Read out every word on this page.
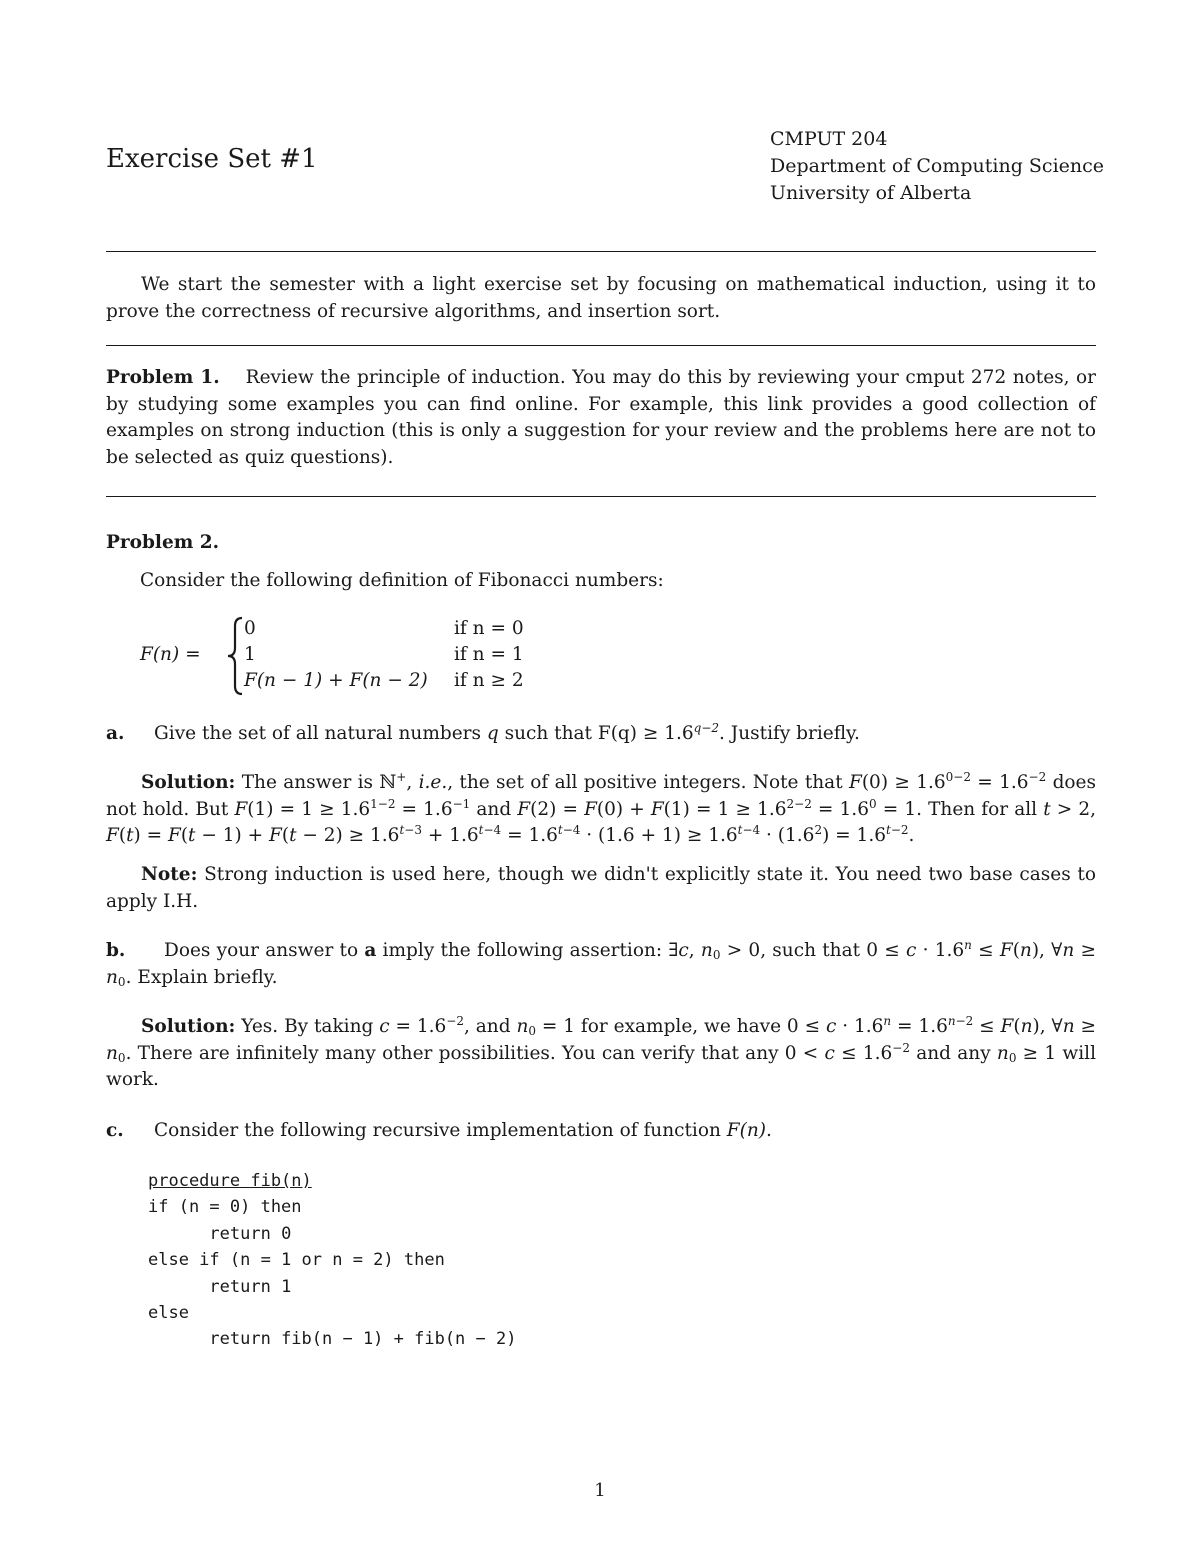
Exercise Set #1
CMPUT 204
Department of Computing Science
University of Alberta
We start the semester with a light exercise set by focusing on mathematical induction, using it to prove the correctness of recursive algorithms, and insertion sort.
Problem 1. Review the principle of induction. You may do this by reviewing your cmput 272 notes, or by studying some examples you can find online. For example, this link provides a good collection of examples on strong induction (this is only a suggestion for your review and the problems here are not to be selected as quiz questions).
Problem 2.
Consider the following definition of Fibonacci numbers:
F(n) =
0	if n = 0
1	if n = 1
F(n − 1) + F(n − 2) if n ≥ 2
a. Give the set of all natural numbers q such that $F(q) \ge 1.6^{q-2}$. Justify briefly.
Solution: The answer is ℕ+, i.e., the set of all positive integers. Note that $F(0) \ge 1.6^{0-2} = 1.6^{-2}$ does not hold. But $F(1) = 1 \ge 1.6^{1-2} = 1.6^{-1}$ and $F(2) = F(0) + F(1) = 1 \ge 1.6^{2-2} = 1.6^0 = 1$. Then for all t > 2, $F(t) = F(t - 1) + F(t - 2) \ge 1.6^{t-3} + 1.6^{t-4} = 1.6^{t-4} \cdot (1.6 + 1) \ge 1.6^{t-4} \cdot (1.6^2) = 1.6^{t-2}$.
Note: Strong induction is used here, though we didn't explicitly state it. You need two base cases to apply I.H.
b. Does your answer to a imply the following assertion: ∃c, $n_0 > 0$, such that $0 \le c \cdot 1.6^n \le F(n)$, ∀n ≥ $n_0$. Explain briefly.
Solution: Yes. By taking $c = 1.6^{-2}$, and $n_0 = 1$ for example, we have $0 \le c \cdot 1.6^n = 1.6^{n-2} \le F(n)$, ∀n ≥ $n_0$. There are infinitely many other possibilities. You can verify that any $0 < c \le 1.6^{-2}$ and any $n_0 \ge 1$ will work.
c. Consider the following recursive implementation of function F(n).
procedure fib(n)
if (n = 0) then
return 0
else if (n = 1 or n = 2) then
return 1
else
return fib(n − 1) + fib(n − 2)
1
